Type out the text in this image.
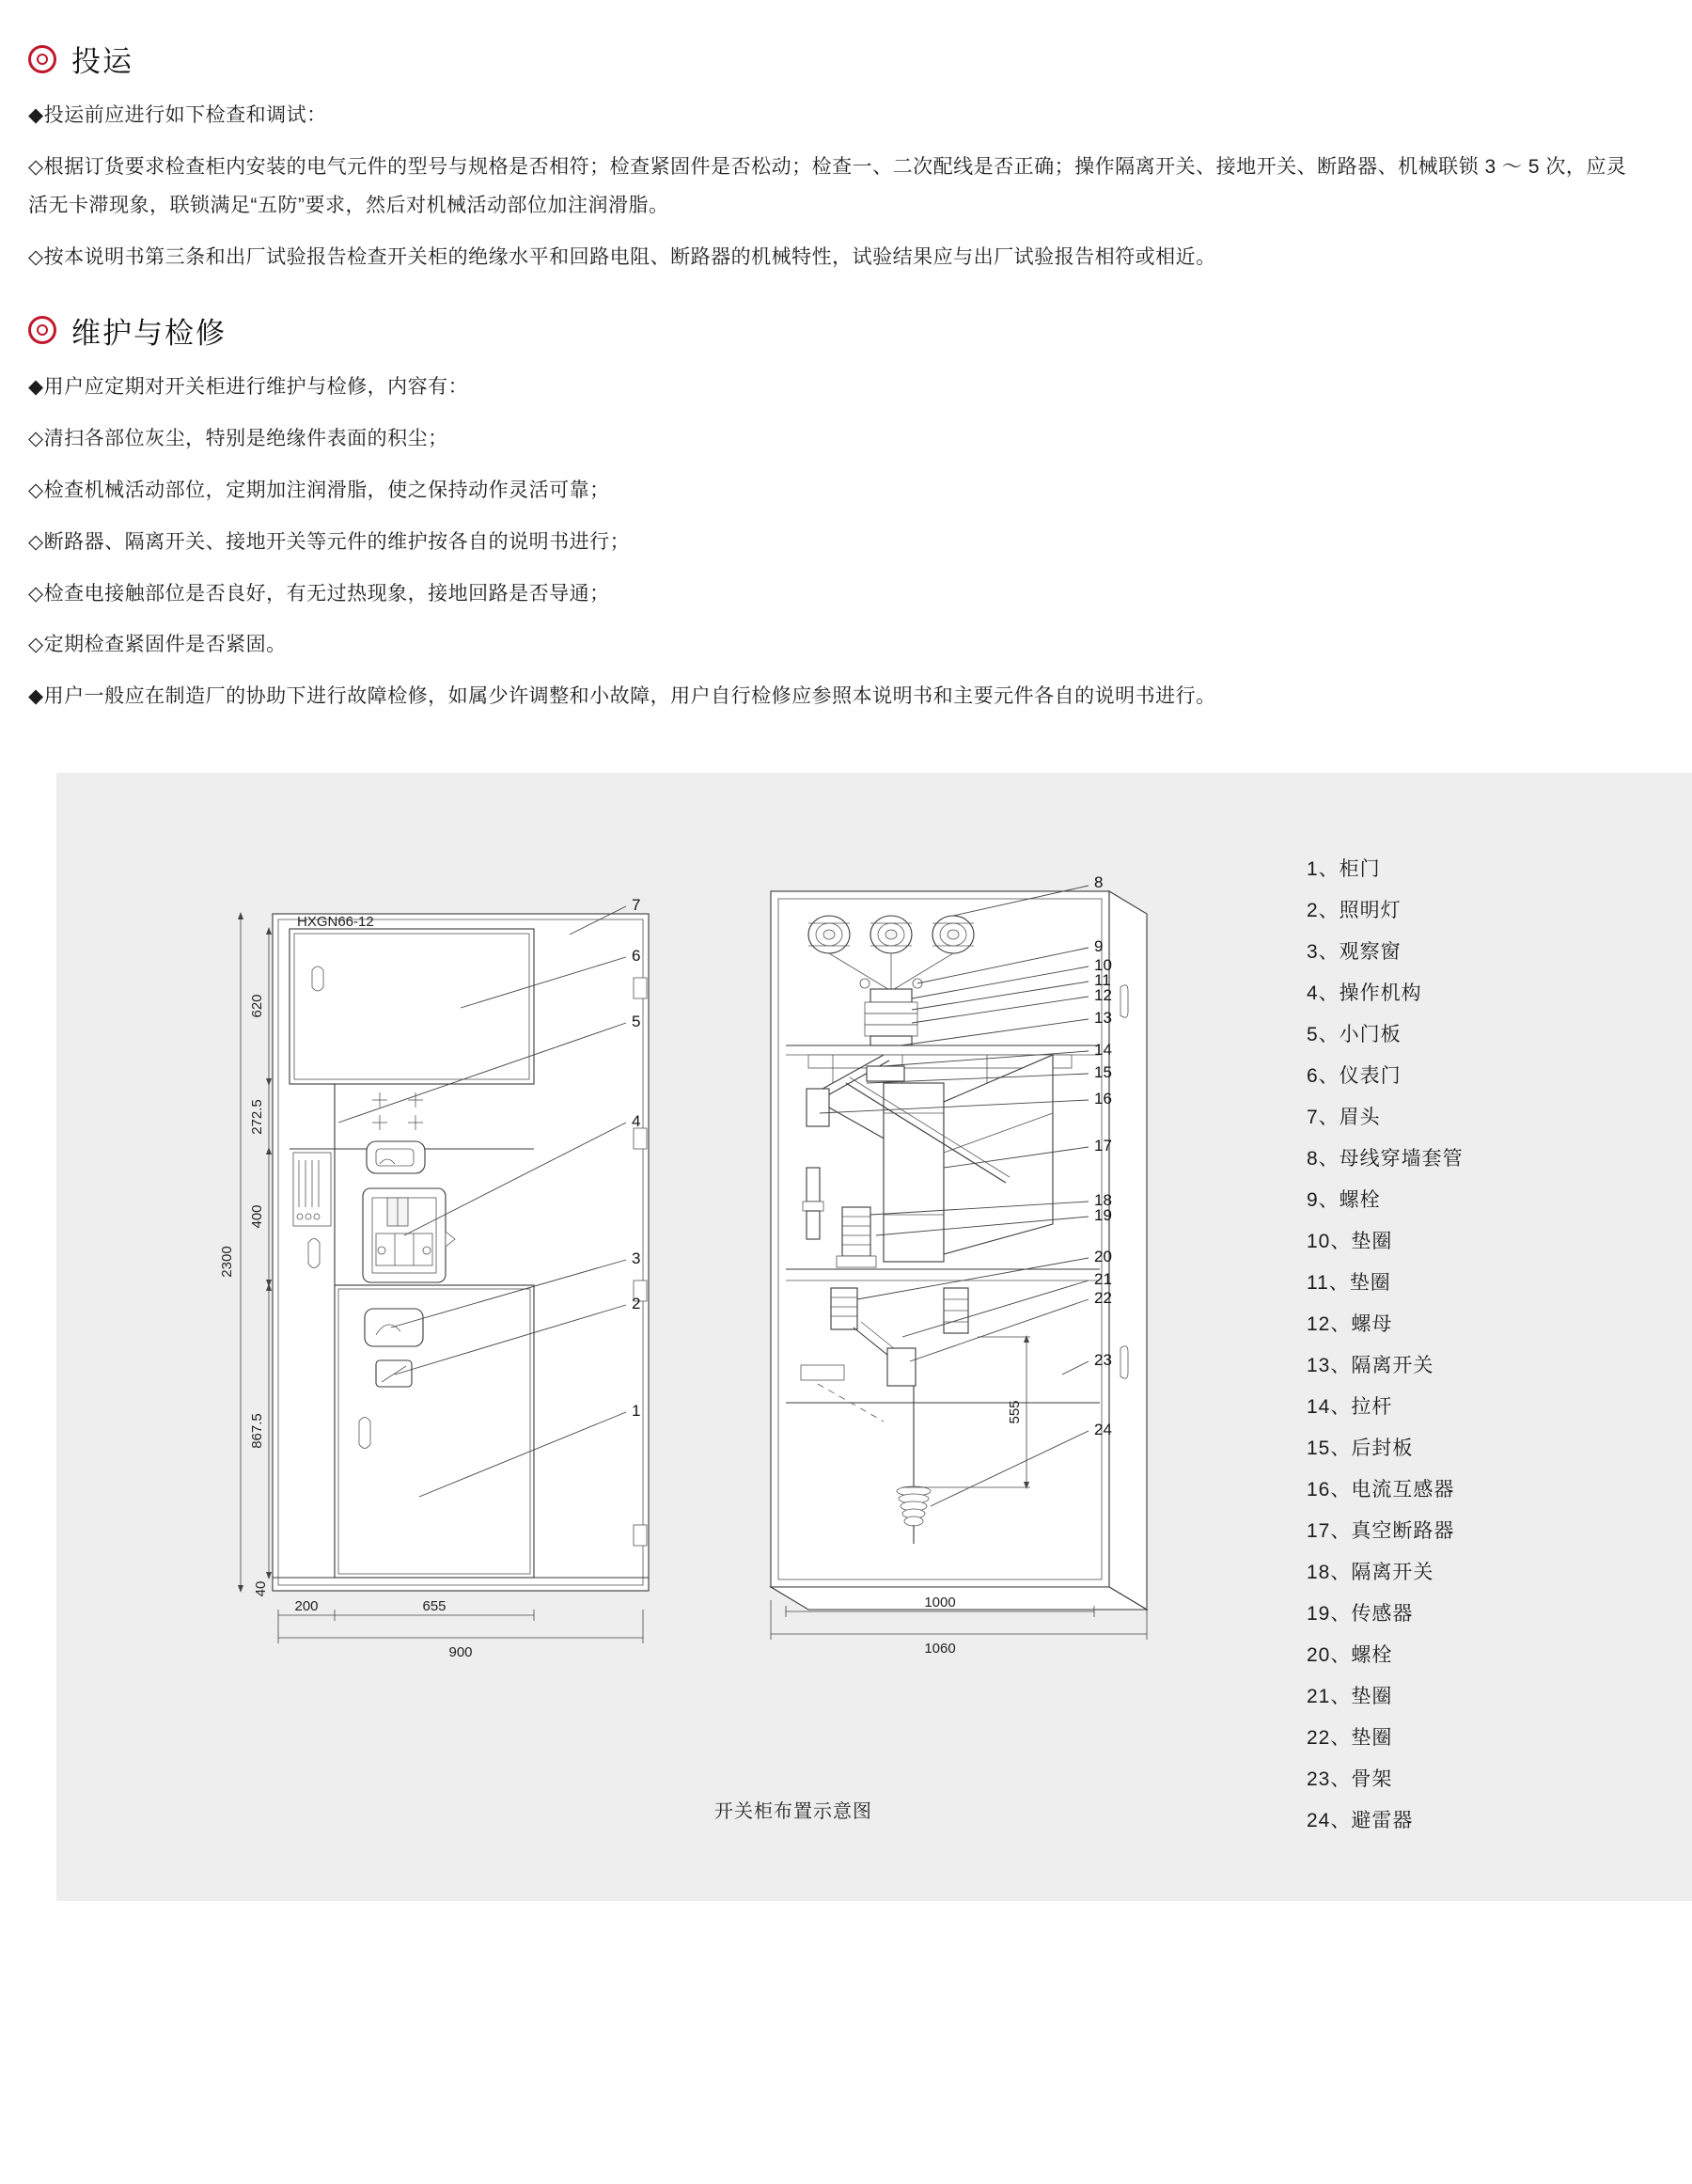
投运

◆投运前应进行如下检查和调试：

◇根据订货要求检查柜内安装的电气元件的型号与规格是否相符；检查紧固件是否松动；检查一、二次配线是否正确；操作隔离开关、接地开关、断路器、机械联锁 3 ～ 5 次，应灵活无卡滞现象，联锁满足“五防”要求，然后对机械活动部位加注润滑脂。

◇按本说明书第三条和出厂试验报告检查开关柜的绝缘水平和回路电阻、断路器的机械特性，试验结果应与出厂试验报告相符或相近。

维护与检修

◆用户应定期对开关柜进行维护与检修，内容有：

◇清扫各部位灰尘，特别是绝缘件表面的积尘；

◇检查机械活动部位，定期加注润滑脂，使之保持动作灵活可靠；

◇断路器、隔离开关、接地开关等元件的维护按各自的说明书进行；

◇检查电接触部位是否良好，有无过热现象，接地回路是否导通；

◇定期检查紧固件是否紧固。

◆用户一般应在制造厂的协助下进行故障检修，如属少许调整和小故障，用户自行检修应参照本说明书和主要元件各自的说明书进行。

HXGN66-12
2300
620
272.5
400
867.5
40
200	655
900
7
6
5
4
3
2
1	555
1000
1060
8
9
10
11
12
13
14
15
16
17
18
19
20
21
22
23
24
开关柜布置示意图
1、柜门
2、照明灯
3、观察窗
4、操作机构
5、小门板
6、仪表门
7、眉头
8、母线穿墙套管
9、螺栓
10、垫圈
11、垫圈
12、螺母
13、隔离开关
14、拉杆
15、后封板
16、电流互感器
17、真空断路器
18、隔离开关
19、传感器
20、螺栓
21、垫圈
22、垫圈
23、骨架
24、避雷器
